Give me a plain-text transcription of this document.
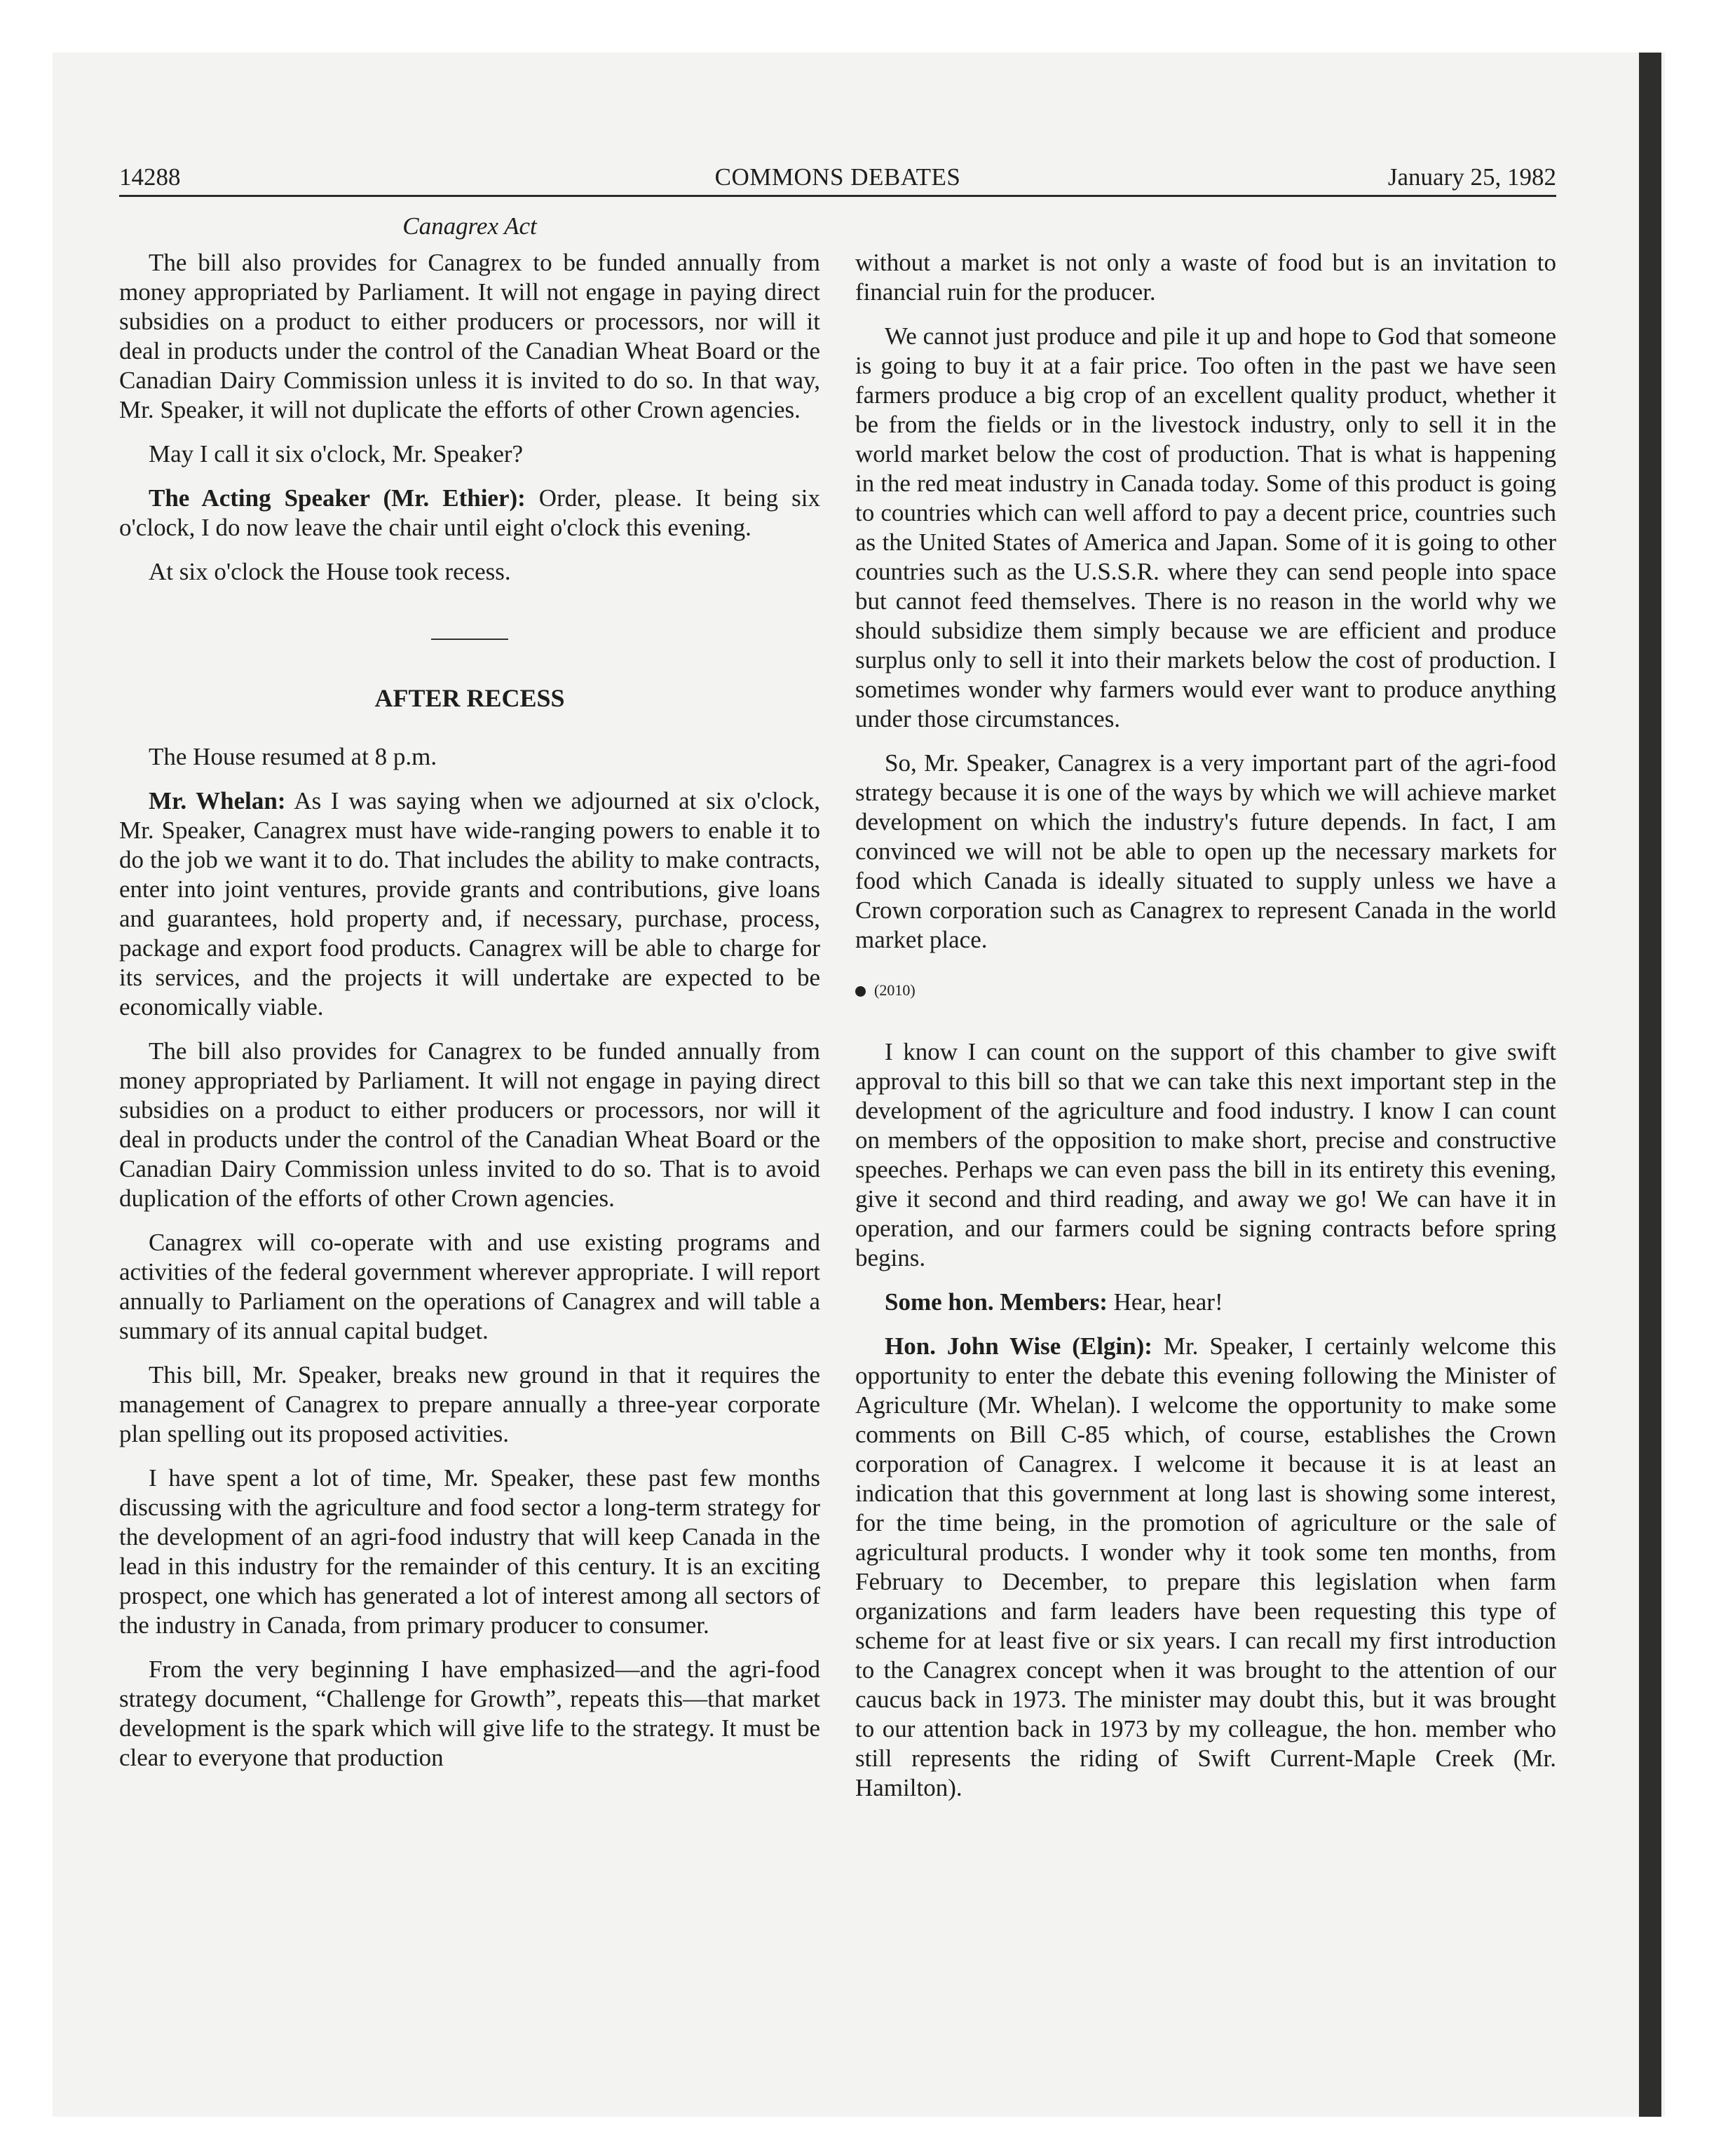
14288	COMMONS DEBATES	January 25, 1982
Canagrex Act

The bill also provides for Canagrex to be funded annually from money appropriated by Parliament. It will not engage in paying direct subsidies on a product to either producers or processors, nor will it deal in products under the control of the Canadian Wheat Board or the Canadian Dairy Commission unless it is invited to do so. In that way, Mr. Speaker, it will not duplicate the efforts of other Crown agencies.

May I call it six o'clock, Mr. Speaker?

The Acting Speaker (Mr. Ethier): Order, please. It being six o'clock, I do now leave the chair until eight o'clock this evening.

At six o'clock the House took recess.

AFTER RECESS

The House resumed at 8 p.m.

Mr. Whelan: As I was saying when we adjourned at six o'clock, Mr. Speaker, Canagrex must have wide-ranging powers to enable it to do the job we want it to do. That includes the ability to make contracts, enter into joint ventures, provide grants and contributions, give loans and guarantees, hold property and, if necessary, purchase, process, package and export food products. Canagrex will be able to charge for its services, and the projects it will undertake are expected to be economically viable.

The bill also provides for Canagrex to be funded annually from money appropriated by Parliament. It will not engage in paying direct subsidies on a product to either producers or processors, nor will it deal in products under the control of the Canadian Wheat Board or the Canadian Dairy Commission unless invited to do so. That is to avoid duplication of the efforts of other Crown agencies.

Canagrex will co-operate with and use existing programs and activities of the federal government wherever appropriate. I will report annually to Parliament on the operations of Canagrex and will table a summary of its annual capital budget.

This bill, Mr. Speaker, breaks new ground in that it requires the management of Canagrex to prepare annually a three-year corporate plan spelling out its proposed activities.

I have spent a lot of time, Mr. Speaker, these past few months discussing with the agriculture and food sector a long-term strategy for the development of an agri-food industry that will keep Canada in the lead in this industry for the remainder of this century. It is an exciting prospect, one which has generated a lot of interest among all sectors of the industry in Canada, from primary producer to consumer.

From the very beginning I have emphasized—and the agri-food strategy document, “Challenge for Growth”, repeats this—that market development is the spark which will give life to the strategy. It must be clear to everyone that production

without a market is not only a waste of food but is an invitation to financial ruin for the producer.

We cannot just produce and pile it up and hope to God that someone is going to buy it at a fair price. Too often in the past we have seen farmers produce a big crop of an excellent quality product, whether it be from the fields or in the livestock industry, only to sell it in the world market below the cost of production. That is what is happening in the red meat industry in Canada today. Some of this product is going to countries which can well afford to pay a decent price, countries such as the United States of America and Japan. Some of it is going to other countries such as the U.S.S.R. where they can send people into space but cannot feed themselves. There is no reason in the world why we should subsidize them simply because we are efficient and produce surplus only to sell it into their markets below the cost of production. I sometimes wonder why farmers would ever want to produce anything under those circumstances.

So, Mr. Speaker, Canagrex is a very important part of the agri-food strategy because it is one of the ways by which we will achieve market development on which the industry's future depends. In fact, I am convinced we will not be able to open up the necessary markets for food which Canada is ideally situated to supply unless we have a Crown corporation such as Canagrex to represent Canada in the world market place.

(2010)

I know I can count on the support of this chamber to give swift approval to this bill so that we can take this next important step in the development of the agriculture and food industry. I know I can count on members of the opposition to make short, precise and constructive speeches. Perhaps we can even pass the bill in its entirety this evening, give it second and third reading, and away we go! We can have it in operation, and our farmers could be signing contracts before spring begins.

Some hon. Members: Hear, hear!

Hon. John Wise (Elgin): Mr. Speaker, I certainly welcome this opportunity to enter the debate this evening following the Minister of Agriculture (Mr. Whelan). I welcome the opportunity to make some comments on Bill C-85 which, of course, establishes the Crown corporation of Canagrex. I welcome it because it is at least an indication that this government at long last is showing some interest, for the time being, in the promotion of agriculture or the sale of agricultural products. I wonder why it took some ten months, from February to December, to prepare this legislation when farm organizations and farm leaders have been requesting this type of scheme for at least five or six years. I can recall my first introduction to the Canagrex concept when it was brought to the attention of our caucus back in 1973. The minister may doubt this, but it was brought to our attention back in 1973 by my colleague, the hon. member who still represents the riding of Swift Current-Maple Creek (Mr. Hamilton).
